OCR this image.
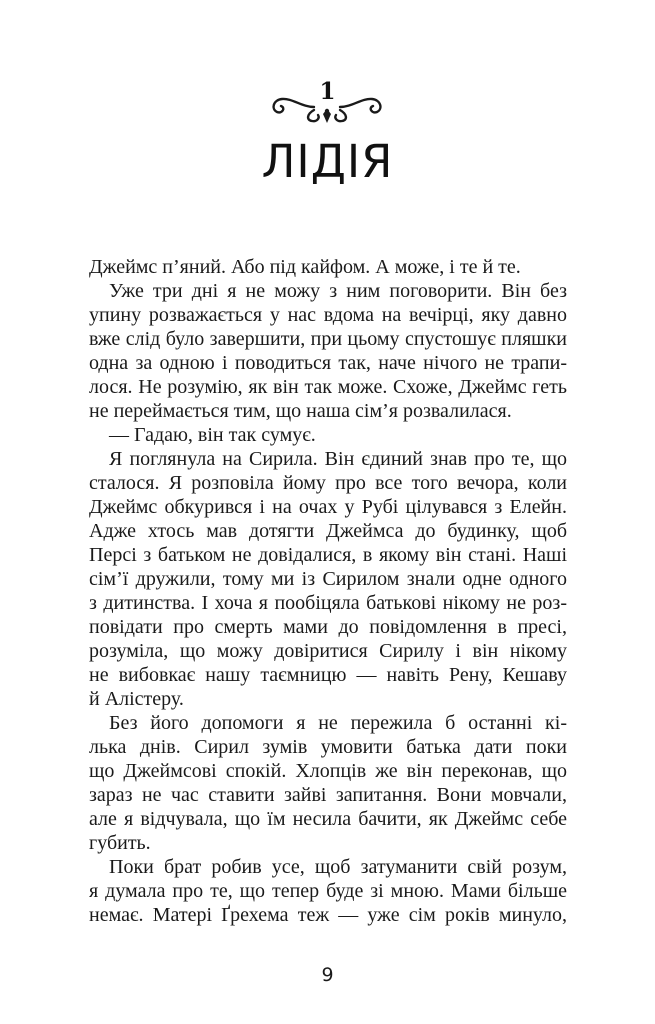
1
ЛІДІЯ
Джеймс п’яний. Або під кайфом. А може, і те й те.
Уже три дні я не можу з ним поговорити. Він без
упину розважається у нас вдома на вечірці, яку давно
вже слід було завершити, при цьому спустошує пляшки
одна за одною і поводиться так, наче нічого не трапи-
лося. Не розумію, як він так може. Схоже, Джеймс геть
не переймається тим, що наша сім’я розвалилася.
— Гадаю, він так сумує.
Я поглянула на Сирила. Він єдиний знав про те, що
сталося. Я розповіла йому про все того вечора, коли
Джеймс обкурився і на очах у Рубі цілувався з Елейн.
Адже хтось мав дотягти Джеймса до будинку, щоб
Персі з батьком не довідалися, в якому він стані. Наші
сім’ї дружили, тому ми із Сирилом знали одне одного
з дитинства. І хоча я пообіцяла батькові нікому не роз-
повідати про смерть мами до повідомлення в пресі,
розуміла, що можу довіритися Сирилу і він нікому
не вибовкає нашу таємницю — навіть Рену, Кешаву
й Алістеру.
Без його допомоги я не пережила б останні кі-
лька днів. Сирил зумів умовити батька дати поки
що Джеймсові спокій. Хлопців же він переконав, що
зараз не час ставити зайві запитання. Вони мовчали,
але я відчувала, що їм несила бачити, як Джеймс себе
губить.
Поки брат робив усе, щоб затуманити свій розум,
я думала про те, що тепер буде зі мною. Мами більше
немає. Матері Ґрехема теж — уже сім років минуло,
9
